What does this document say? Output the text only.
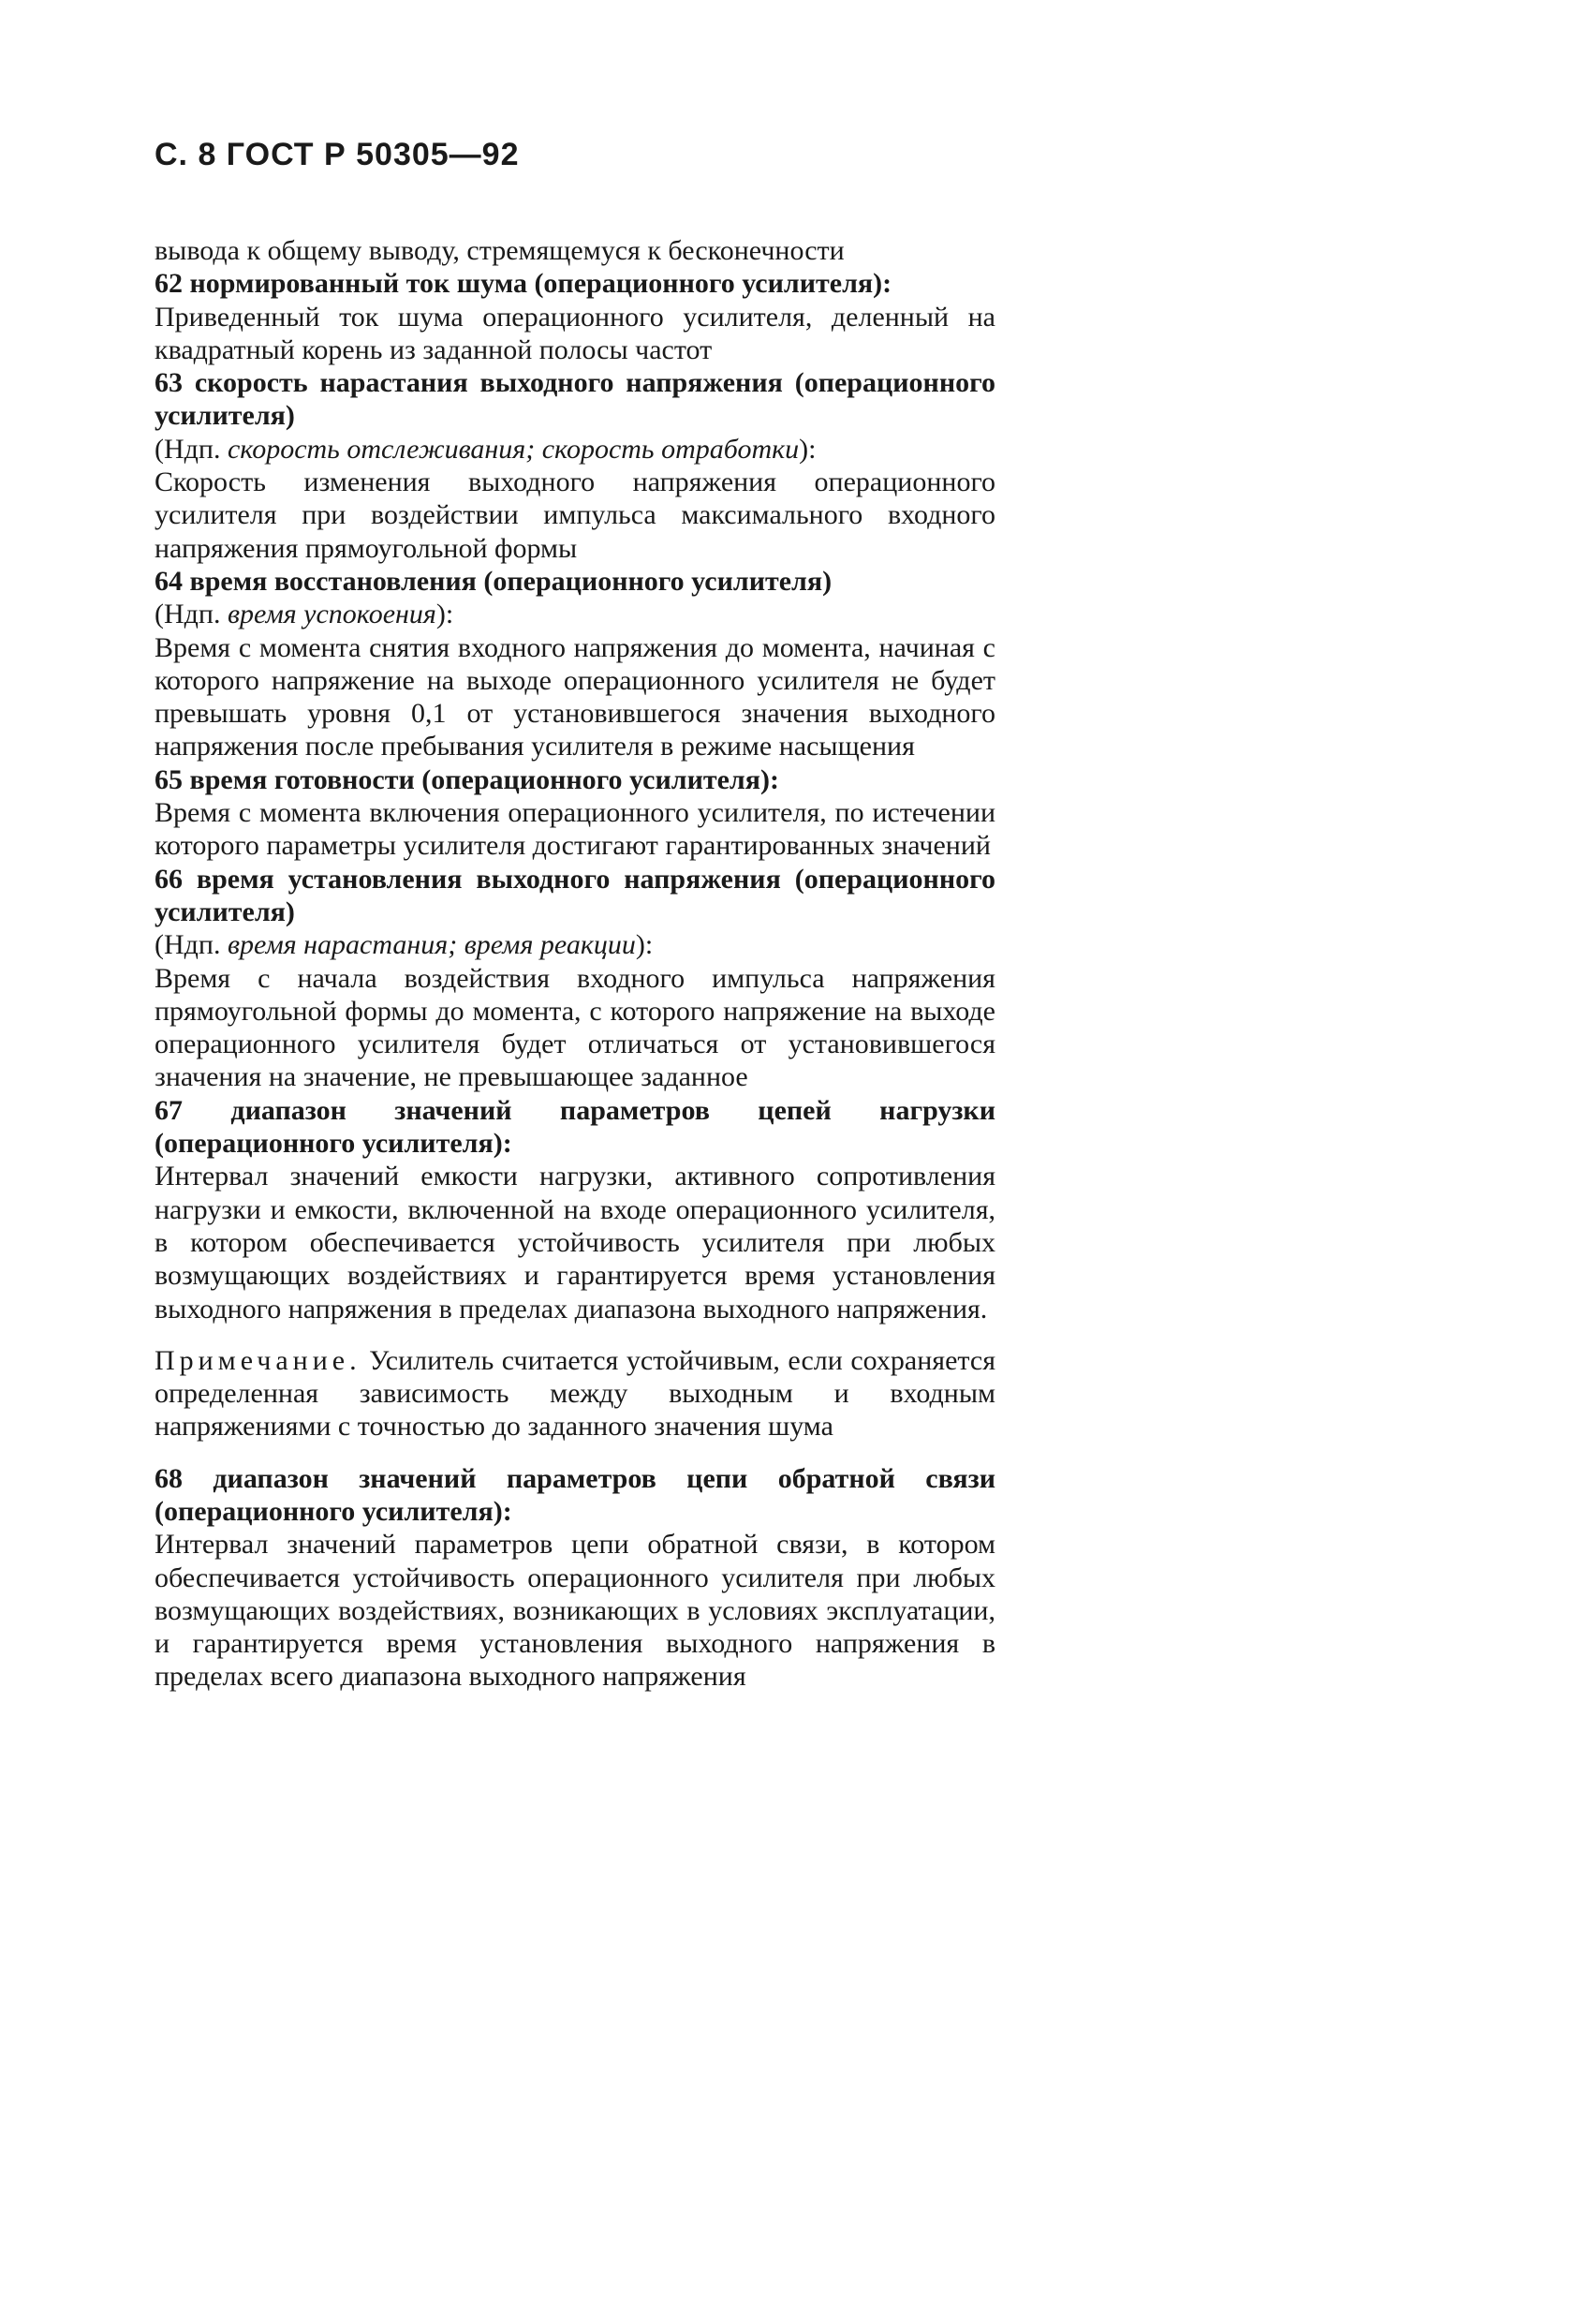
С. 8 ГОСТ Р 50305—92

вывода к общему выводу, стремящемуся к бесконечности

62 нормированный ток шума (операционного усилителя):

Приведенный ток шума операционного усилителя, деленный на квадратный корень из заданной полосы частот

63 скорость нарастания выходного напряжения (операционного усилителя)

(Ндп. скорость отслеживания; скорость отработки):

Скорость изменения выходного напряжения операционного усилителя при воздействии импульса максимального входного напряжения прямоугольной формы

64 время восстановления (операционного усилителя)

(Ндп. время успокоения):

Время с момента снятия входного напряжения до момента, начиная с которого напряжение на выходе операционного усилителя не будет превышать уровня 0,1 от установившегося значения выходного напряжения после пребывания усилителя в режиме насыщения

65 время готовности (операционного усилителя):

Время с момента включения операционного усилителя, по истечении которого параметры усилителя достигают гарантированных значений

66 время установления выходного напряжения (операционного усилителя)

(Ндп. время нарастания; время реакции):

Время с начала воздействия входного импульса напряжения прямоугольной формы до момента, с которого напряжение на выходе операционного усилителя будет отличаться от установившегося значения на значение, не превышающее заданное

67 диапазон значений параметров цепей нагрузки (операционного усилителя):

Интервал значений емкости нагрузки, активного сопротивления нагрузки и емкости, включенной на входе операционного усилителя, в котором обеспечивается устойчивость усилителя при любых возмущающих воздействиях и гарантируется время установления выходного напряжения в пределах диапазона выходного напряжения.

Примечание. Усилитель считается устойчивым, если сохраняется определенная зависимость между выходным и входным напряжениями с точностью до заданного значения шума

68 диапазон значений параметров цепи обратной связи (операционного усилителя):

Интервал значений параметров цепи обратной связи, в котором обеспечивается устойчивость операционного усилителя при любых возмущающих воздействиях, возникающих в условиях эксплуатации, и гарантируется время установления выходного напряжения в пределах всего диапазона выходного напряжения
